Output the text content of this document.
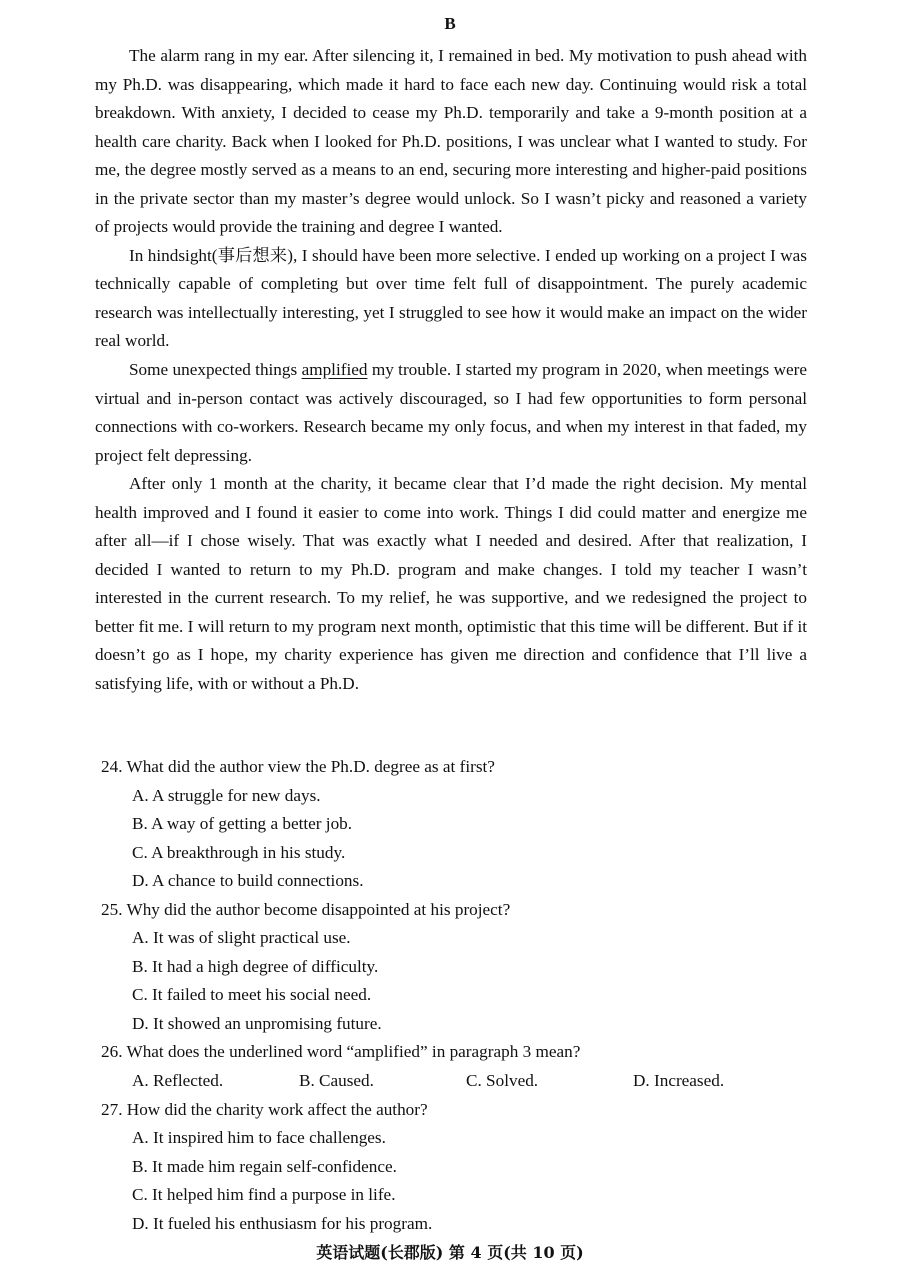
B

The alarm rang in my ear. After silencing it, I remained in bed. My motivation to push ahead with my Ph.D. was disappearing, which made it hard to face each new day. Continuing would risk a total breakdown. With anxiety, I decided to cease my Ph.D. temporarily and take a 9-month position at a health care charity. Back when I looked for Ph.D. positions, I was unclear what I wanted to study. For me, the degree mostly served as a means to an end, securing more interesting and higher-paid positions in the private sector than my master’s degree would unlock. So I wasn’t picky and reasoned a variety of projects would provide the training and degree I wanted.

In hindsight(事后想来), I should have been more selective. I ended up working on a project I was technically capable of completing but over time felt full of disappointment. The purely academic research was intellectually interesting, yet I struggled to see how it would make an impact on the wider real world.

Some unexpected things amplified my trouble. I started my program in 2020, when meetings were virtual and in-person contact was actively discouraged, so I had few opportunities to form personal connections with co-workers. Research became my only focus, and when my interest in that faded, my project felt depressing.

After only 1 month at the charity, it became clear that I’d made the right decision. My mental health improved and I found it easier to come into work. Things I did could matter and energize me after all—if I chose wisely. That was exactly what I needed and desired. After that realization, I decided I wanted to return to my Ph.D. program and make changes. I told my teacher I wasn’t interested in the current research. To my relief, he was supportive, and we redesigned the project to better fit me. I will return to my program next month, optimistic that this time will be different. But if it doesn’t go as I hope, my charity experience has given me direction and confidence that I’ll live a satisfying life, with or without a Ph.D.

24. What did the author view the Ph.D. degree as at first?
A. A struggle for new days.
B. A way of getting a better job.
C. A breakthrough in his study.
D. A chance to build connections.
25. Why did the author become disappointed at his project?
A. It was of slight practical use.
B. It had a high degree of difficulty.
C. It failed to meet his social need.
D. It showed an unpromising future.
26. What does the underlined word “amplified” in paragraph 3 mean?
A. Reflected.	B. Caused.	C. Solved.	D. Increased.
27. How did the charity work affect the author?
A. It inspired him to face challenges.
B. It made him regain self-confidence.
C. It helped him find a purpose in life.
D. It fueled his enthusiasm for his program.
英语试题(长郡版) 第 4 页(共 10 页)
